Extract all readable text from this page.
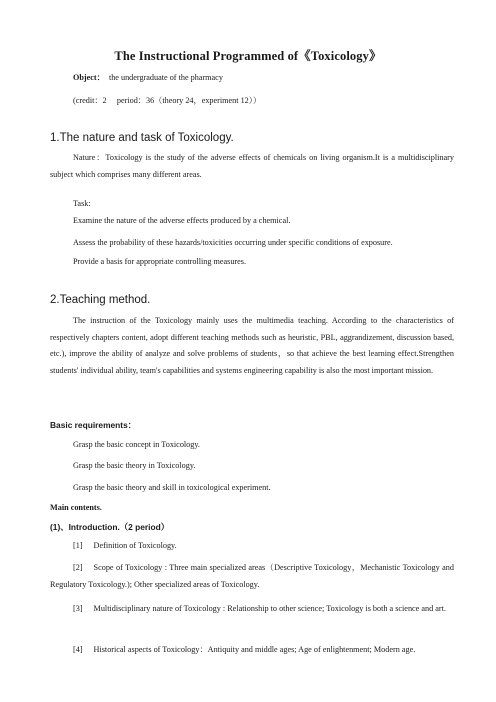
The Instructional Programmed of《Toxicology》
Object： the undergraduate of the pharmacy
(credit：2　 period：36（theory 24，experiment 12））
1.The nature and task of Toxicology.
Nature：Toxicology is the study of the adverse effects of chemicals on living organism.It is a multidisciplinary subject which comprises many different areas.
Task:
Examine the nature of the adverse effects produced by a chemical.
Assess the probability of these hazards/toxicities occurring under specific conditions of exposure.
Provide a basis for appropriate controlling measures.
2.Teaching method.
The instruction of the Toxicology mainly uses the multimedia teaching. According to the characteristics of respectively chapters content, adopt different teaching methods such as heuristic, PBL, aggrandizement, discussion based, etc.), improve the ability of analyze and solve problems of students，so that achieve the best learning effect.Strengthen students' individual ability, team's capabilities and systems engineering capability is also the most important mission.
Basic requirements：
Grasp the basic concept in Toxicology.
Grasp the basic theory in Toxicology.
Grasp the basic theory and skill in toxicological experiment.
Main contents.
(1)、Introduction.（2 period）
[1] Definition of Toxicology.
[2] Scope of Toxicology : Three main specialized areas（Descriptive Toxicology，Mechanistic Toxicology and Regulatory Toxicology.); Other specialized areas of Toxicology.
[3] Multidisciplinary nature of Toxicology : Relationship to other science; Toxicology is both a science and art.
[4] Historical aspects of Toxicology：Antiquity and middle ages; Age of enlightenment; Modern age.
